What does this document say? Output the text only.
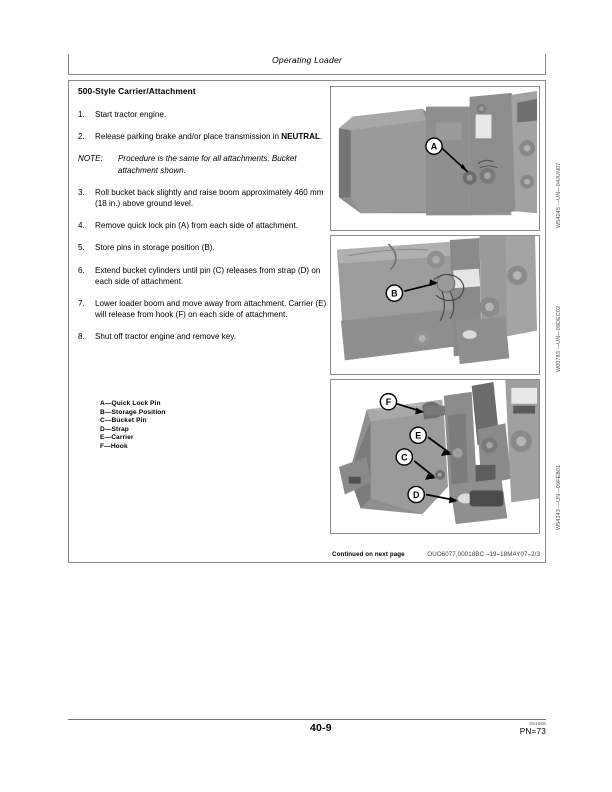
Operating Loader
500-Style Carrier/Attachment
1.	Start tractor engine.
2.	Release parking brake and/or place transmission in NEUTRAL.
NOTE: Procedure is the same for all attachments. Bucket attachment shown.
3.	Roll bucket back slightly and raise boom approximately 460 mm (18 in.) above ground level.
4.	Remove quick lock pin (A) from each side of attachment.
5.	Store pins in storage position (B).
6.	Extend bucket cylinders until pin (C) releases from strap (D) on each side of attachment.
7.	Lower loader boom and move away from attachment. Carrier (E) will release from hook (F) on each side of attachment.
8.	Shut off tractor engine and remove key.
A—Quick Lock Pin
B—Storage Position
C—Bucket Pin
D—Strap
E—Carrier
F—Hook
A
W54245 —UN—04JUN07
B
W00783 —UN—09DEC02
F
E
C
D	W54143 —UN—09FEB01
Continued on next page	OUO6077,00018BC –19–18MAY07–2/3
40-9	051606
PN=73
